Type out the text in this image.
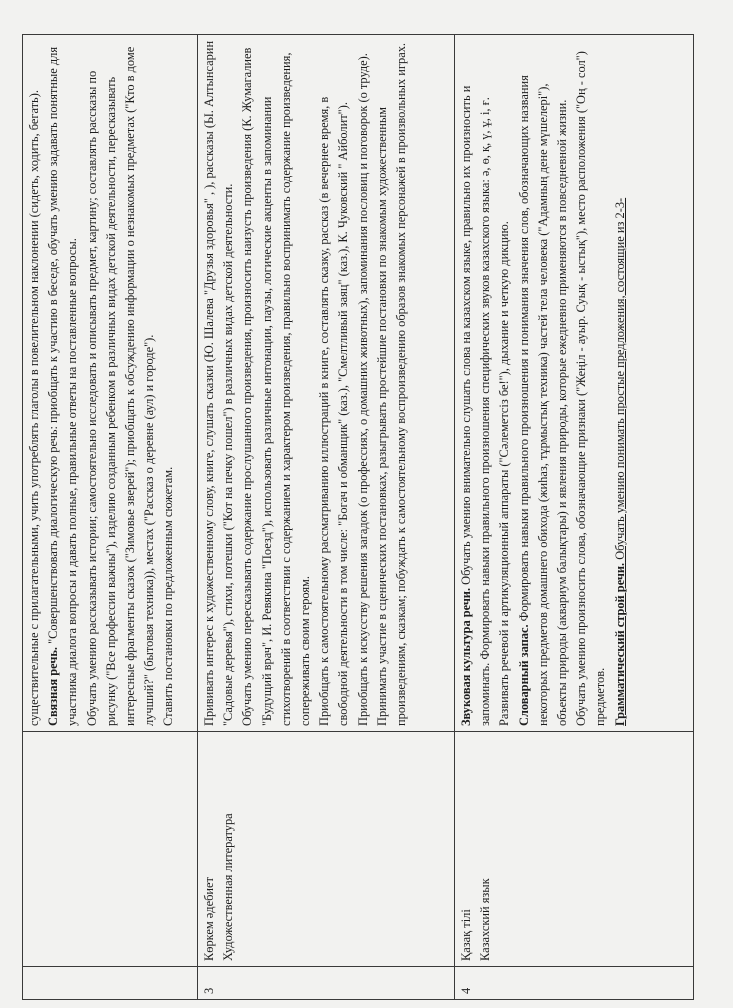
		существительные с прилагательными, учить употреблять глаголы в повелительном наклонении (сидеть, ходить, бегать). Связная речь. "Совершенствовать диалогическую речь: приобщать к участию в беседе, обучать умению задавать понятные для участника диалога вопросы и давать полные, правильные ответы на поставленные вопросы. Обучать умению рассказывать истории; самостоятельно исследовать и описывать предмет, картину; составлять рассказы по рисунку ("Все профессии важны"), изделию созданным ребенком в различных видах детской деятельности, пересказывать интересные фрагменты сказок ("Зимовье зверей"); приобщать к обсуждению информации о незнакомых предметах ("Кто в доме лучший?" (бытовая техника)), местах ("Рассказ о деревне (аул) и городе"). Ставить постановки по предложенным сюжетам.

3	Көркем әдебиет Художественная литература	Прививать интерес к художественному слову, книге, слушать сказки (Ю. Шалева "Друзья здоровья" , ), рассказы (Ы. Алтынсарин "Садовые деревья"), стихи, потешки ("Кот на печку пошел") в различных видах детской деятельности. Обучать умению пересказывать содержание прослушанного произведения, произносить наизусть произведения (К. Жумагалиев "Будущий врач", И. Ревякина "Поезд"), использовать различные интонации, паузы, логические акценты в запоминании стихотворений в соответствии с содержанием и характером произведения, правильно воспринимать содержание произведения, сопереживать своим героям. Приобщать к самостоятельному рассматриванию иллюстраций в книге, составлять сказку, рассказ (в вечернее время, в свободной деятельности в том числе: "Богач и обманщик" (каз.), "Смелтливый заяц" (каз.), К. Чуковский " Айболит"). Приобщать к искусству решения загадок (о профессиях, о домашних животных), запоминания пословиц и поговорок (о труде). Принимать участие в сценических постановках, разыгрывать простейшие постановки по знакомым художественным произведениям, сказкам; побуждать к самостоятельному воспроизведению образов знакомых персонажей в произвольных играх.

4	Қазақ тілі Казахский язык	Звуковая культура речи. Обучать умению внимательно слушать слова на казахском языке, правильно их произносить и запоминать. Формировать навыки правильного произношения специфических звуков казахского языка: ә, ө, қ, ү, ұ, і, ғ. Развивать речевой и артикуляционный аппараты ("Сәлеметсіз бе!"), дыхание и четкую дикцию. Словарный запас. Формировать навыки правильного произношения и понимания значения слов, обозначающих названия некоторых предметов домашнего обихода (жиһаз, тұрмыстық техника) частей тела человека ("Адамның дене мүшелері"), объекты природы (аквариум балықтары) и явления природы, которые ежедневно применяются в повседневной жизни. Обучать умению произносить слова, обозначающие признаки ("Жеңіл - ауыр. Суық - ыстық"), место расположения ("Оң - сол") предметов. Грамматический строй речи. Обучать умению понимать простые предложения, состоящие из 2-3-
